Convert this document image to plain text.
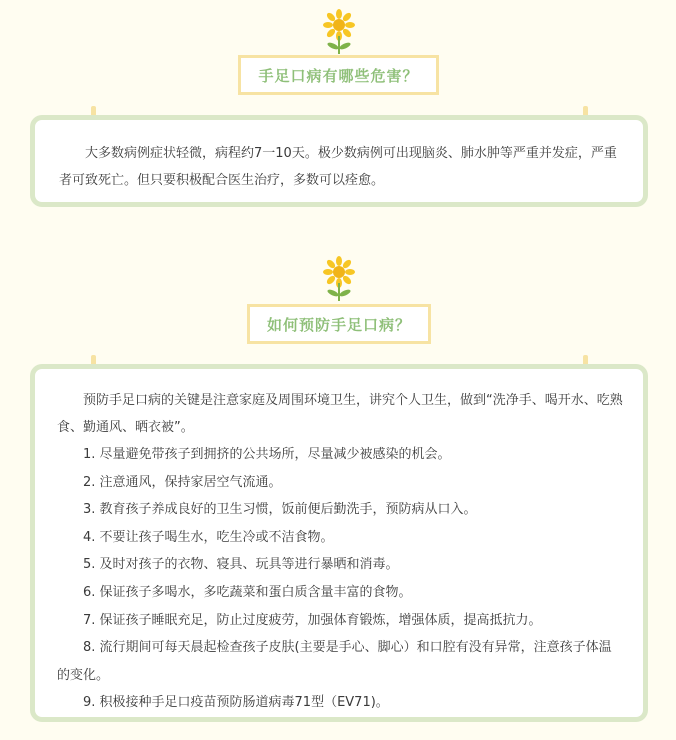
手足口病有哪些危害？

大多数病例症状轻微，病程约7一10天。极少数病例可出现脑炎、肺水肿等严重并发症，严重者可致死亡。但只要积极配合医生治疗，多数可以痊愈。

如何预防手足口病？

预防手足口病的关键是注意家庭及周围环境卫生，讲究个人卫生，做到“洗净手、喝开水、吃熟食、勤通风、晒衣被”。

1. 尽量避免带孩子到拥挤的公共场所，尽量减少被感染的机会。

2. 注意通风，保持家居空气流通。

3. 教育孩子养成良好的卫生习惯，饭前便后勤洗手，预防病从口入。

4. 不要让孩子喝生水，吃生冷或不洁食物。

5. 及时对孩子的衣物、寝具、玩具等进行暴晒和消毒。

6. 保证孩子多喝水，多吃蔬菜和蛋白质含量丰富的食物。

7. 保证孩子睡眠充足，防止过度疲劳，加强体育锻炼，增强体质，提高抵抗力。

8. 流行期间可每天晨起检查孩子皮肤(主要是手心、脚心）和口腔有没有异常，注意孩子体温的变化。

9. 积极接种手足口疫苗预防肠道病毒71型（EV71)。
